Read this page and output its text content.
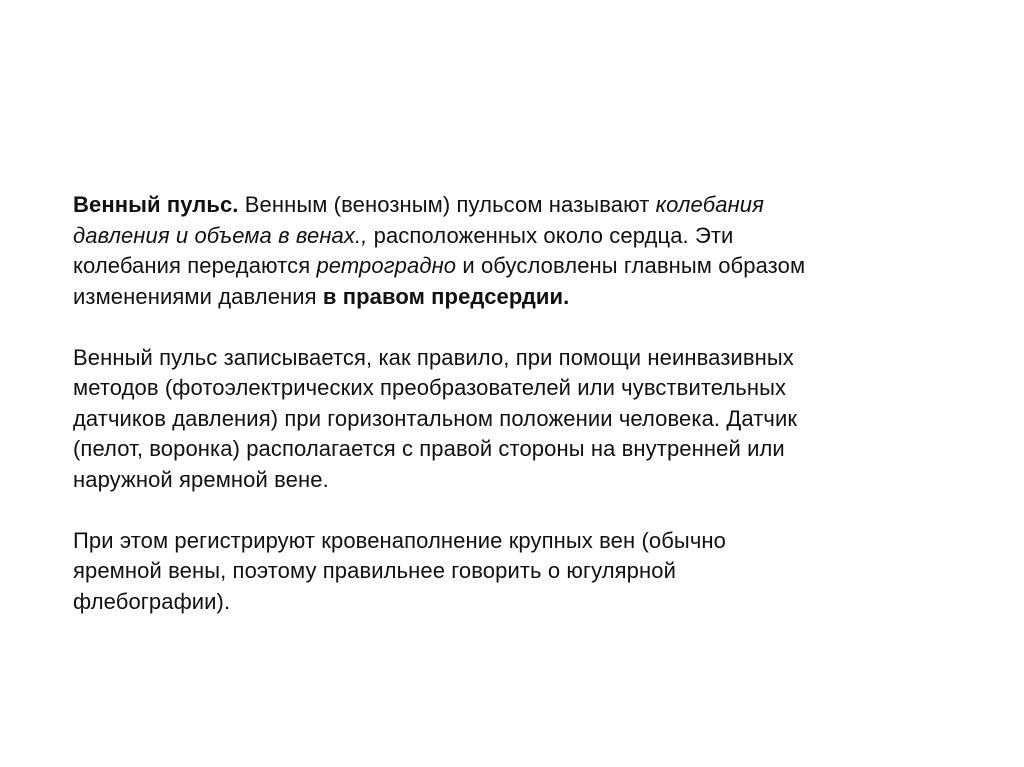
Венный пульс. Венным (венозным) пульсом называют колебания
давления и объема в венах., расположенных около сердца. Эти
колебания передаются ретроградно и обусловлены главным образом
изменениями давления в правом предсердии.
Венный пульс записывается, как правило, при помощи неинвазивных
методов (фотоэлектрических преобразователей или чувствительных
датчиков давления) при горизонтальном положении человека. Датчик
(пелот, воронка) располагается с правой стороны на внутренней или
наружной яремной вене.
При этом регистрируют кровенаполнение крупных вен (обычно
яремной вены, поэтому правильнее говорить о югулярной
флебографии).
